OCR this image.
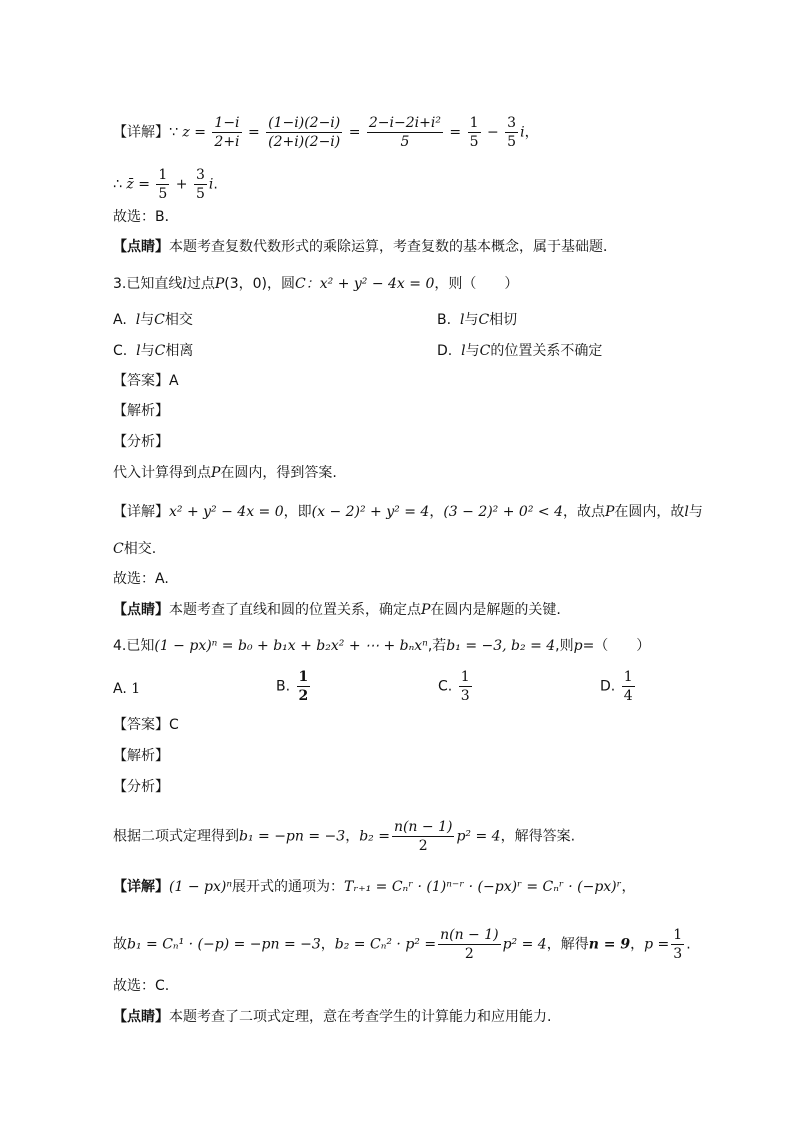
【详解】∵ $z = \frac{1-i}{2+i} = \frac{(1-i)(2-i)}{(2+i)(2-i)} = \frac{\text{2−i−2i+i²}}{5} = \frac{1}{5} - \frac{3}{5}$ i，
∴ z̄ = $\frac{1}{5} + \frac{3}{5} i$.
故选：B．
【点睛】本题考查复数代数形式的乘除运算，考查复数的基本概念，属于基础题．
3.已知直线l过点P(3，0)，圆C：x² + y² − 4x = 0，则（　　）
A. l与C相交	B. l与C相切
C. l与C相离	D. l与C的位置关系不确定
【答案】A
【解析】
【分析】
代入计算得到点P在圆内，得到答案.
【详解】x² + y² − 4x = 0，即(x − 2)² + y² = 4，(3 − 2)² + 0² < 4，故点P在圆内，故l与
C相交.
故选：A.
【点睛】本题考查了直线和圆的位置关系，确定点P在圆内是解题的关键.
4.已知(1 − px)ⁿ = b₀ + b₁x + b₂x² + ⋯ + bₙxⁿ,若b₁ = −3, b₂ = 4,则p=（　　）
A. 1	B. $\frac{1}{2}$	C. $\frac{1}{3}$	D. $\frac{1}{4}$
【答案】C
【解析】
【分析】
根据二项式定理得到b₁ = −pn = −3，$b_2 = \frac{n(n - 1)}{2} p^2 = 4$，解得答案.
【详解】(1 − px)ⁿ展开式的通项为：Tᵣ₊₁ = Cₙʳ · (1)ⁿ⁻ʳ · (−px)ʳ = Cₙʳ · (−px)ʳ，
故b₁ = Cₙ¹ · (−p) = −pn = −3，$b_2 = C_n^2 \cdot p^2 = \frac{n(n - 1)}{2} p^2 = 4$，解得n = 9，$p = \frac{1}{3}$ .
故选：C.
【点睛】本题考查了二项式定理，意在考查学生的计算能力和应用能力.
